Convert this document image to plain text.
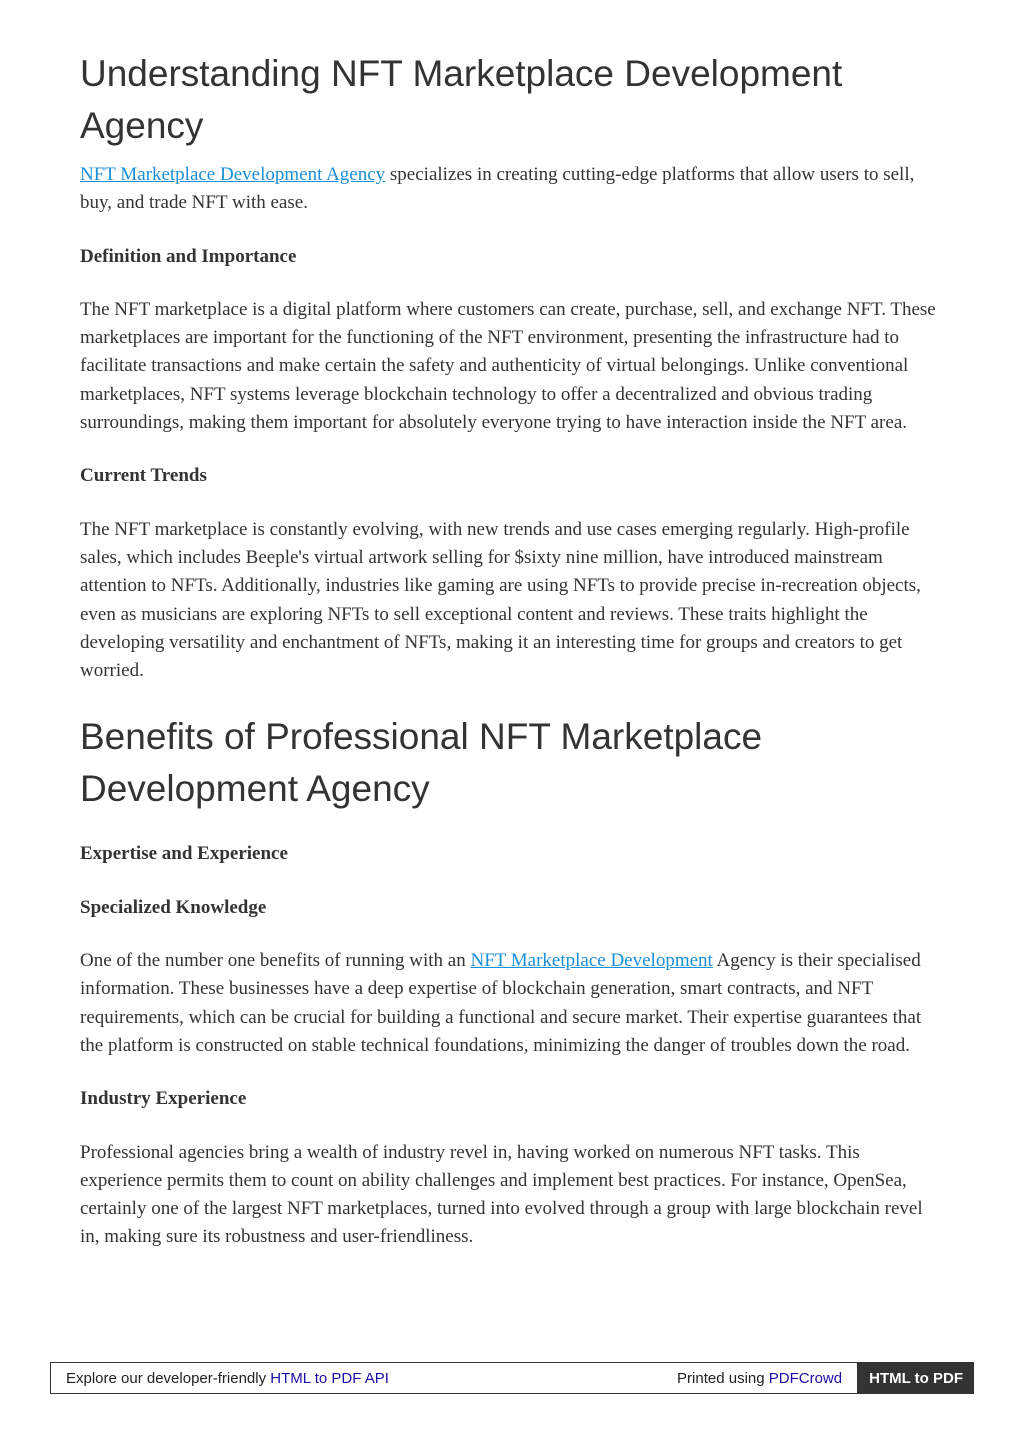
Understanding NFT Marketplace Development Agency

NFT Marketplace Development Agency specializes in creating cutting-edge platforms that allow users to sell, buy, and trade NFT with ease.

Definition and Importance

The NFT marketplace is a digital platform where customers can create, purchase, sell, and exchange NFT. These marketplaces are important for the functioning of the NFT environment, presenting the infrastructure had to facilitate transactions and make certain the safety and authenticity of virtual belongings. Unlike conventional marketplaces, NFT systems leverage blockchain technology to offer a decentralized and obvious trading surroundings, making them important for absolutely everyone trying to have interaction inside the NFT area.

Current Trends

The NFT marketplace is constantly evolving, with new trends and use cases emerging regularly. High-profile sales, which includes Beeple's virtual artwork selling for $sixty nine million, have introduced mainstream attention to NFTs. Additionally, industries like gaming are using NFTs to provide precise in-recreation objects, even as musicians are exploring NFTs to sell exceptional content and reviews. These traits highlight the developing versatility and enchantment of NFTs, making it an interesting time for groups and creators to get worried.

Benefits of Professional NFT Marketplace Development Agency

Expertise and Experience

Specialized Knowledge

One of the number one benefits of running with an NFT Marketplace Development Agency is their specialised information. These businesses have a deep expertise of blockchain generation, smart contracts, and NFT requirements, which can be crucial for building a functional and secure market. Their expertise guarantees that the platform is constructed on stable technical foundations, minimizing the danger of troubles down the road.

Industry Experience

Professional agencies bring a wealth of industry revel in, having worked on numerous NFT tasks. This experience permits them to count on ability challenges and implement best practices. For instance, OpenSea, certainly one of the largest NFT marketplaces, turned into evolved through a group with large blockchain revel in, making sure its robustness and user-friendliness.

Explore our developer-friendly HTML to PDF API	Printed using PDFCrowd	HTML to PDF
